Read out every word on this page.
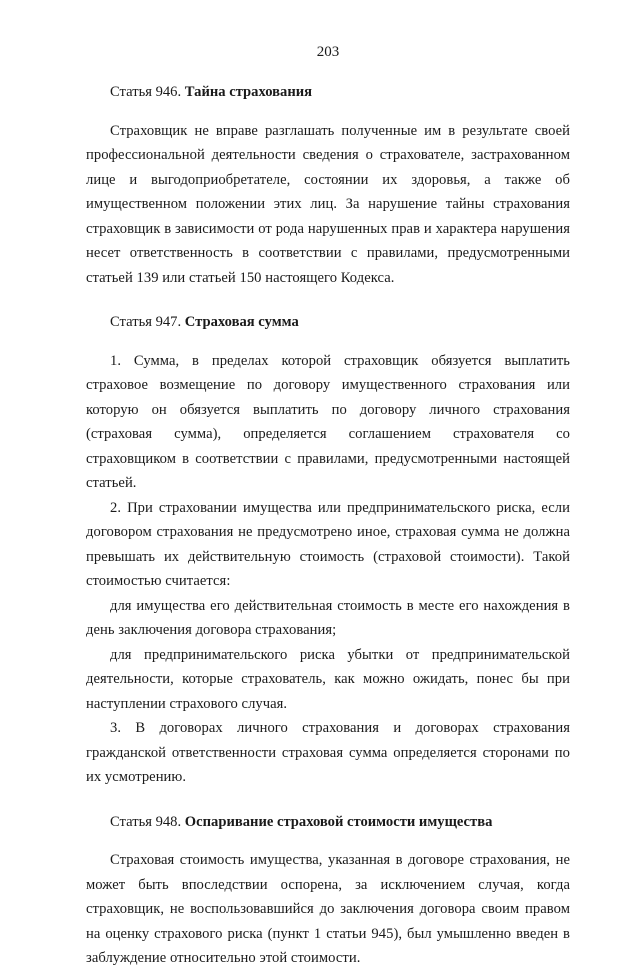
203

Статья 946. Тайна страхования

Страховщик не вправе разглашать полученные им в результате своей профессиональной деятельности сведения о страхователе, застрахованном лице и выгодоприобретателе, состоянии их здоровья, а также об имущественном положении этих лиц. За нарушение тайны страхования страховщик в зависимости от рода нарушенных прав и характера нарушения несет ответственность в соответствии с правилами, предусмотренными статьей 139 или статьей 150 настоящего Кодекса.

Статья 947. Страховая сумма

1. Сумма, в пределах которой страховщик обязуется выплатить страховое возмещение по договору имущественного страхования или которую он обязуется выплатить по договору личного страхования (страховая сумма), определяется соглашением страхователя со страховщиком в соответствии с правилами, предусмотренными настоящей статьей.

2. При страховании имущества или предпринимательского риска, если договором страхования не предусмотрено иное, страховая сумма не должна превышать их действительную стоимость (страховой стоимости). Такой стоимостью считается:

для имущества его действительная стоимость в месте его нахождения в день заключения договора страхования;

для предпринимательского риска убытки от предпринимательской деятельности, которые страхователь, как можно ожидать, понес бы при наступлении страхового случая.

3. В договорах личного страхования и договорах страхования гражданской ответственности страховая сумма определяется сторонами по их усмотрению.

Статья 948. Оспаривание страховой стоимости имущества

Страховая стоимость имущества, указанная в договоре страхования, не может быть впоследствии оспорена, за исключением случая, когда страховщик, не воспользовавшийся до заключения договора своим правом на оценку страхового риска (пункт 1 статьи 945), был умышленно введен в заблуждение относительно этой стоимости.
